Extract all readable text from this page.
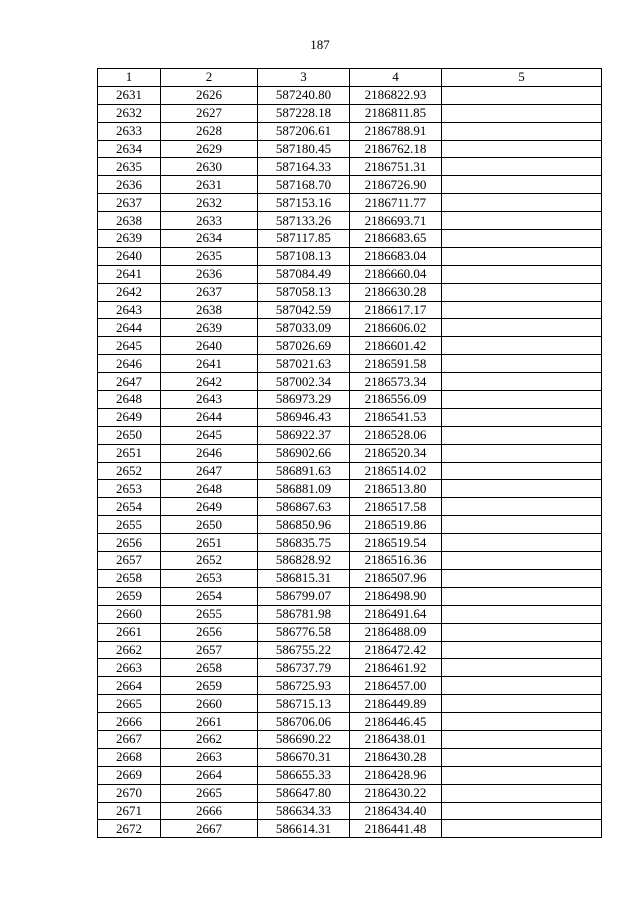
187
1	2	3	4	5
2631	2626	587240.80	2186822.93	
2632	2627	587228.18	2186811.85	
2633	2628	587206.61	2186788.91	
2634	2629	587180.45	2186762.18	
2635	2630	587164.33	2186751.31	
2636	2631	587168.70	2186726.90	
2637	2632	587153.16	2186711.77	
2638	2633	587133.26	2186693.71	
2639	2634	587117.85	2186683.65	
2640	2635	587108.13	2186683.04	
2641	2636	587084.49	2186660.04	
2642	2637	587058.13	2186630.28	
2643	2638	587042.59	2186617.17	
2644	2639	587033.09	2186606.02	
2645	2640	587026.69	2186601.42	
2646	2641	587021.63	2186591.58	
2647	2642	587002.34	2186573.34	
2648	2643	586973.29	2186556.09	
2649	2644	586946.43	2186541.53	
2650	2645	586922.37	2186528.06	
2651	2646	586902.66	2186520.34	
2652	2647	586891.63	2186514.02	
2653	2648	586881.09	2186513.80	
2654	2649	586867.63	2186517.58	
2655	2650	586850.96	2186519.86	
2656	2651	586835.75	2186519.54	
2657	2652	586828.92	2186516.36	
2658	2653	586815.31	2186507.96	
2659	2654	586799.07	2186498.90	
2660	2655	586781.98	2186491.64	
2661	2656	586776.58	2186488.09	
2662	2657	586755.22	2186472.42	
2663	2658	586737.79	2186461.92	
2664	2659	586725.93	2186457.00	
2665	2660	586715.13	2186449.89	
2666	2661	586706.06	2186446.45	
2667	2662	586690.22	2186438.01	
2668	2663	586670.31	2186430.28	
2669	2664	586655.33	2186428.96	
2670	2665	586647.80	2186430.22	
2671	2666	586634.33	2186434.40	
2672	2667	586614.31	2186441.48	
